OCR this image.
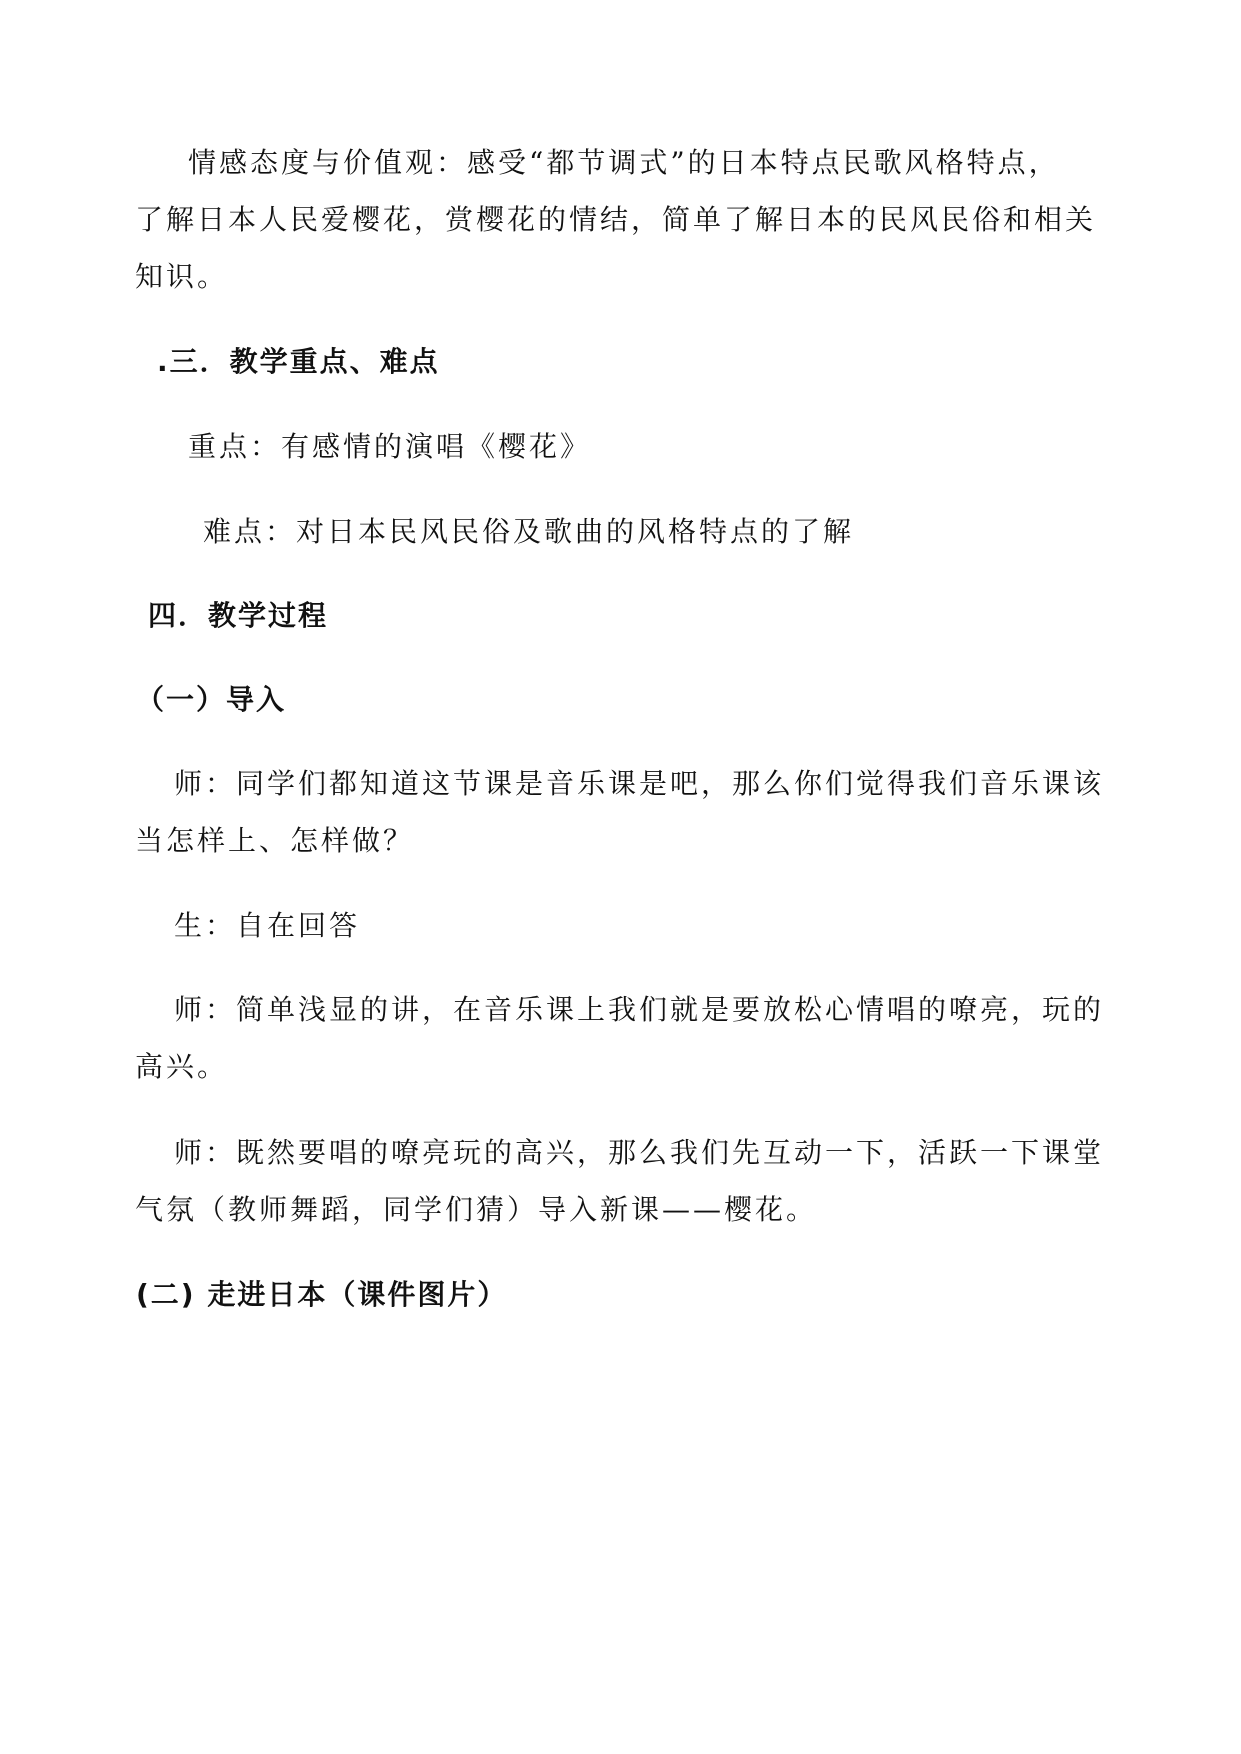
情感态度与价值观：感受“都节调式”的日本特点民歌风格特点，

了解日本人民爱樱花，赏樱花的情结，简单了解日本的民风民俗和相关

知识。

.三．教学重点、难点

重点：有感情的演唱《樱花》

难点：对日本民风民俗及歌曲的风格特点的了解

四．教学过程
（一）导入

师：同学们都知道这节课是音乐课是吧，那么你们觉得我们音乐课该

当怎样上、怎样做？

生：自在回答

师：简单浅显的讲，在音乐课上我们就是要放松心情唱的嘹亮，玩的

高兴。

师：既然要唱的嘹亮玩的高兴，那么我们先互动一下，活跃一下课堂

气氛（教师舞蹈，同学们猜）导入新课——樱花。

(二) 走进日本（课件图片）
